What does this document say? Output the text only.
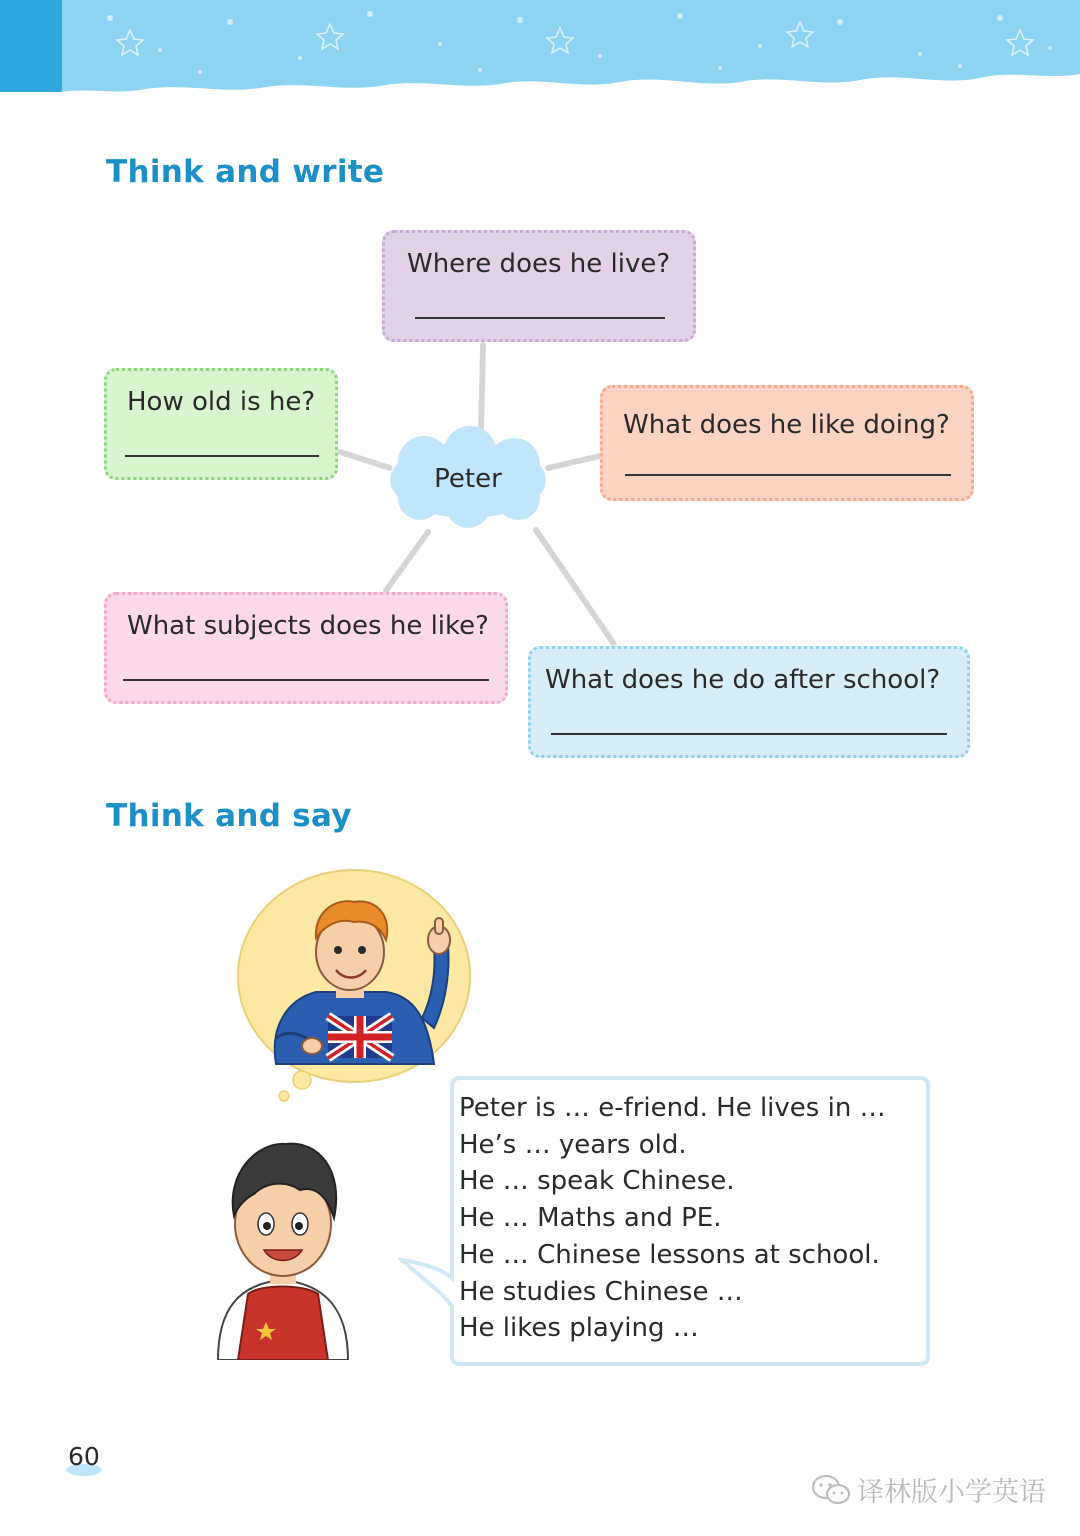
Think and write
Where does he live?
How old is he?
What does he like doing?
What subjects does he like?
What does he do after school?
Peter
Think and say
Peter is … e-friend. He lives in …
He’s … years old.
He … speak Chinese.
He … Maths and PE.
He … Chinese lessons at school.
He studies Chinese …
He likes playing …
60
译林版小学英语
